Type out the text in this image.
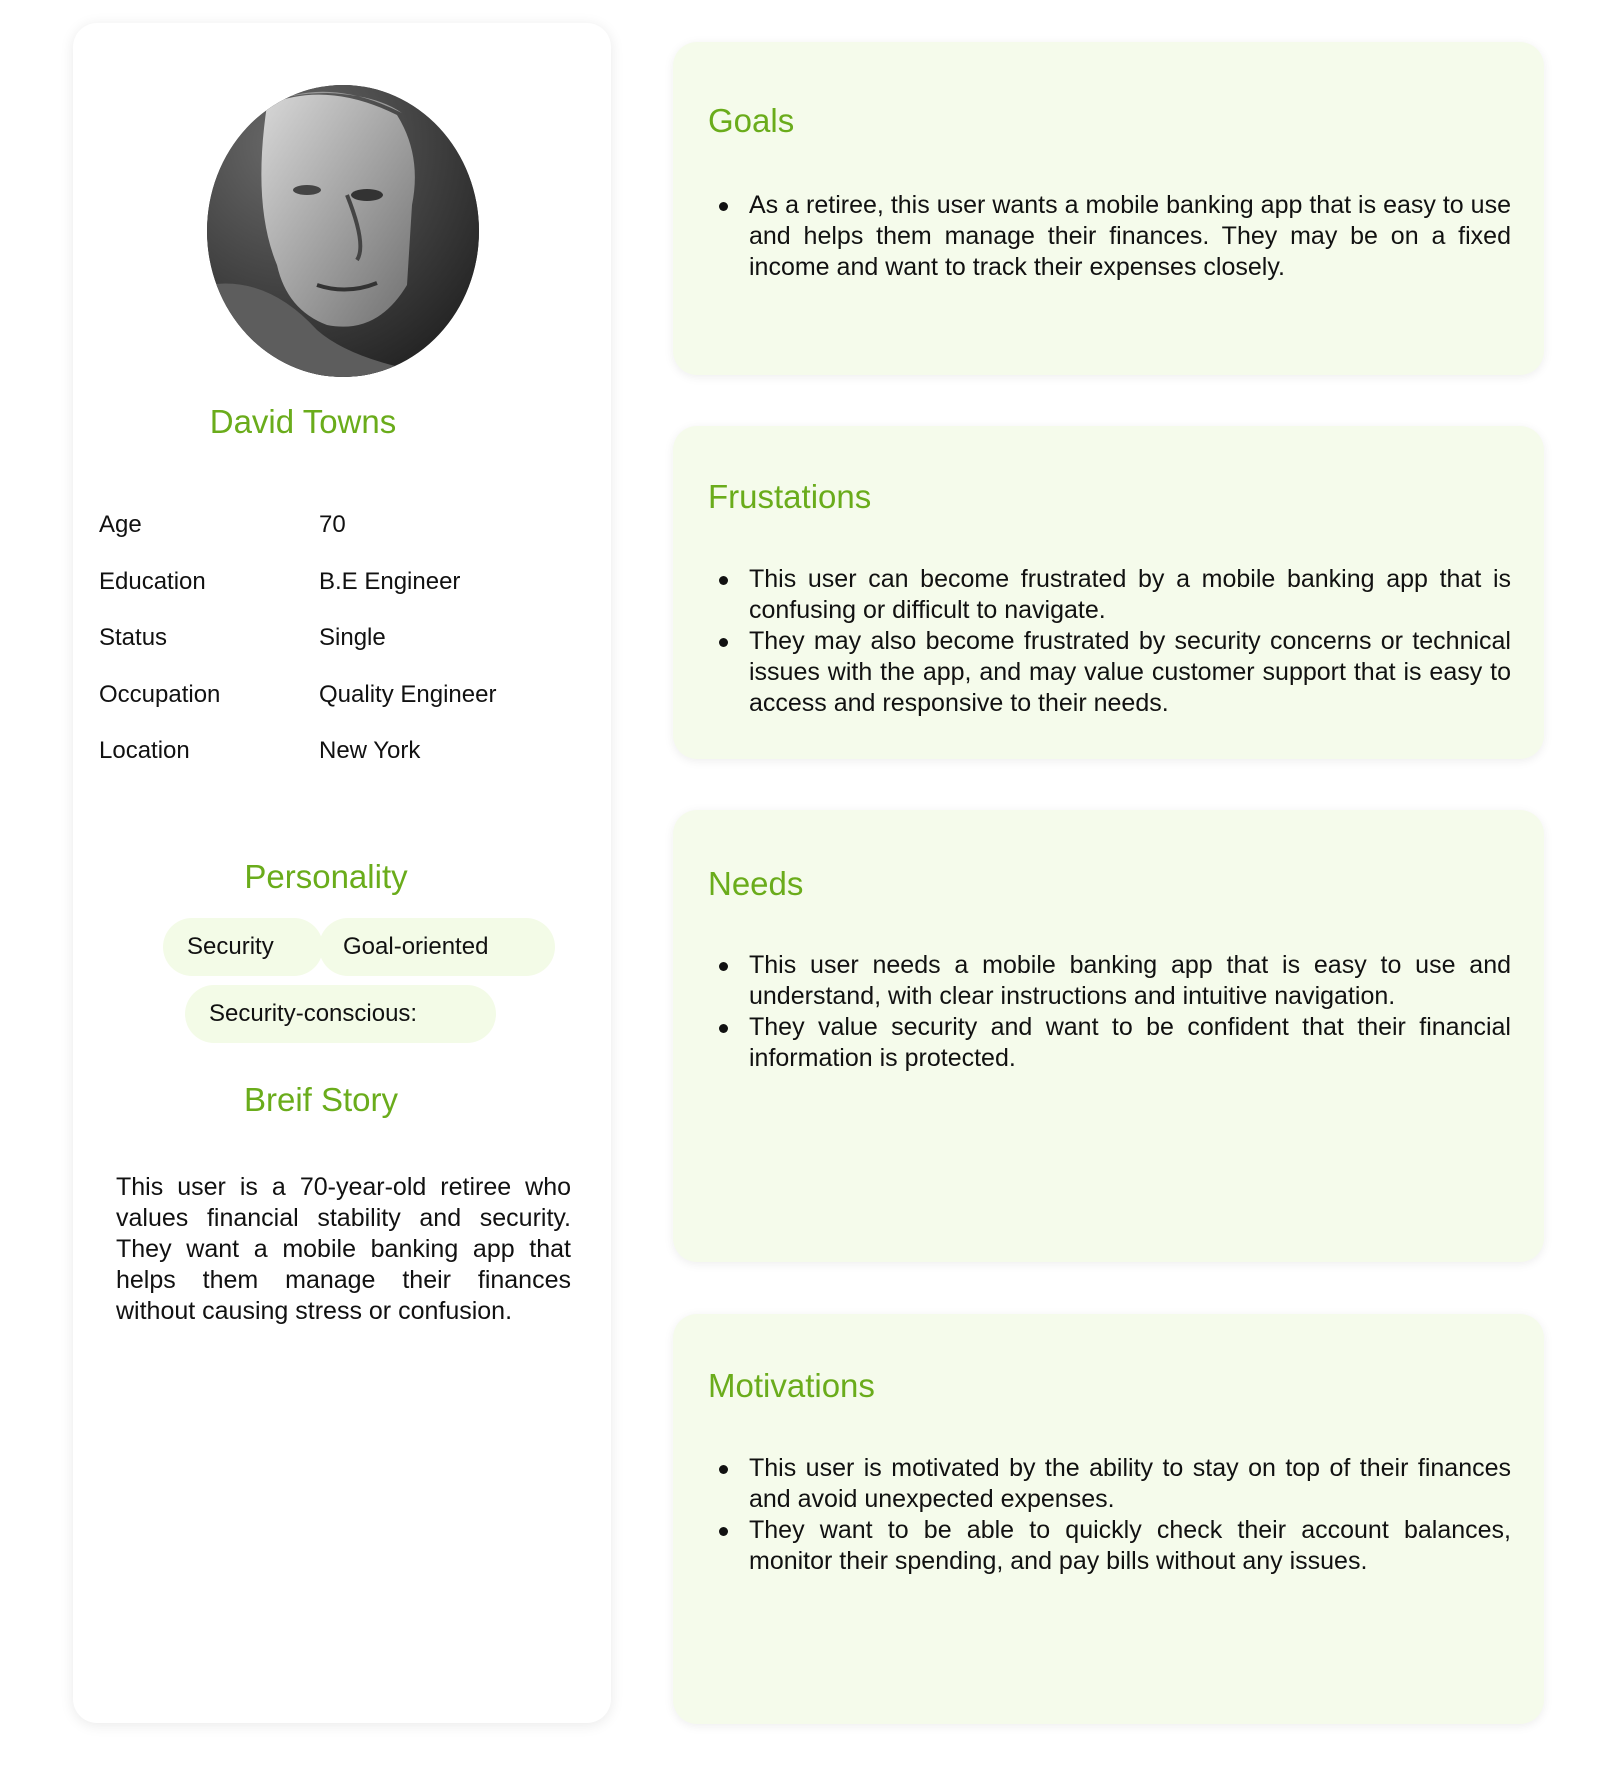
David Towns
Age	70
Education	B.E Engineer
Status	Single
Occupation	Quality Engineer
Location	New York
Personality
Security	Goal-oriented
Security-conscious:
Breif Story

This user is a 70-year-old retiree who values financial stability and security. They want a mobile banking app that helps them manage their finances without causing stress or confusion.

Goals
As a retiree, this user wants a mobile banking app that is easy to use and helps them manage their finances. They may be on a fixed income and want to track their expenses closely.
Frustations
This user can become frustrated by a mobile banking app that is confusing or difficult to navigate.
They may also become frustrated by security concerns or technical issues with the app, and may value customer support that is easy to access and responsive to their needs.
Needs
This user needs a mobile banking app that is easy to use and understand, with clear instructions and intuitive navigation.
They value security and want to be confident that their financial information is protected.
Motivations
This user is motivated by the ability to stay on top of their finances and avoid unexpected expenses.
They want to be able to quickly check their account balances, monitor their spending, and pay bills without any issues.
